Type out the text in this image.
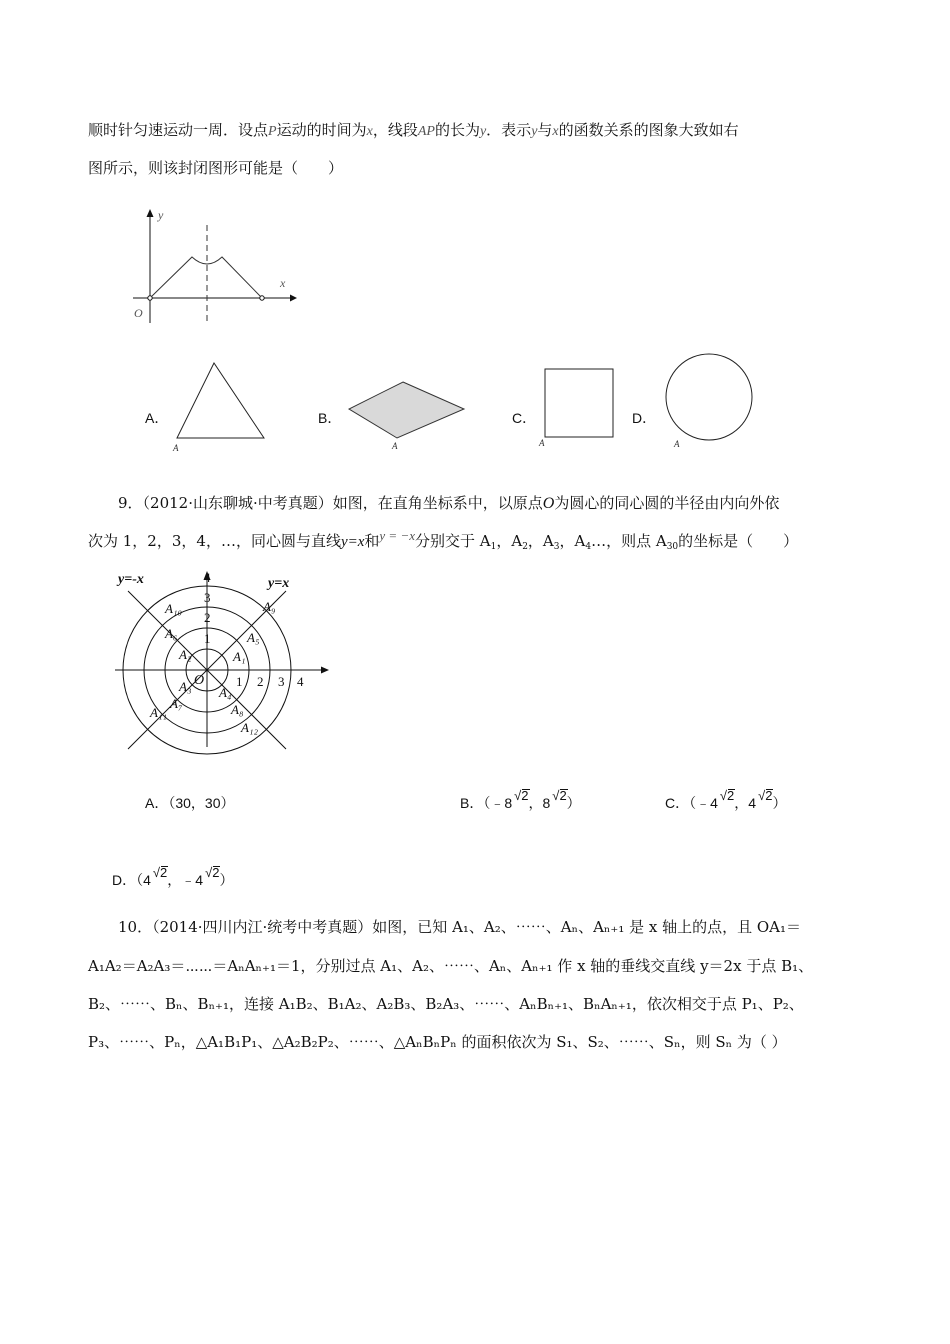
顺时针匀速运动一周．设点P运动的时间为x，线段AP的长为y．表示y与x的函数关系的图象大致如右
图所示，则该封闭图形可能是（　　）
y
x
O
A．
A
B．
A
C．
A
D．
A
9．（2012·山东聊城·中考真题）如图，在直角坐标系中，以原点O为圆心的同心圆的半径由内向外依
次为 1，2，3，4，…，同心圆与直线y=x和y = −x分别交于 $A_1$，$A_2$，$A_3$，$A_4\dots$，则点 $A_{30}$的坐标是（　　）
y=-x	y=x
1
2
3
4
1 2 3 4
O
A₁₀
A₆
A₂
A₉
A₅
A₁
A₃
A₇
A₁₁
A₄
A₈
A₁₂
A．（30，30）	B．（﹣8 √2，8 √2）	C．（﹣4 √2，4 √2）
D．（4 √2，﹣4 √2）
10．（2014·四川内江·统考中考真题）如图，已知 A₁、A₂、⋯⋯、Aₙ、Aₙ₊₁ 是 x 轴上的点，且 OA₁＝
A₁A₂＝A₂A₃＝⋯⋯＝AₙAₙ₊₁＝1，分别过点 A₁、A₂、⋯⋯、Aₙ、Aₙ₊₁ 作 x 轴的垂线交直线 y＝2x 于点 B₁、
B₂、⋯⋯、Bₙ、Bₙ₊₁，连接 A₁B₂、B₁A₂、A₂B₃、B₂A₃、⋯⋯、AₙBₙ₊₁、BₙAₙ₊₁，依次相交于点 P₁、P₂、
P₃、⋯⋯、Pₙ，△A₁B₁P₁、△A₂B₂P₂、⋯⋯、△AₙBₙPₙ 的面积依次为 S₁、S₂、⋯⋯、Sₙ，则 Sₙ 为（ ）
